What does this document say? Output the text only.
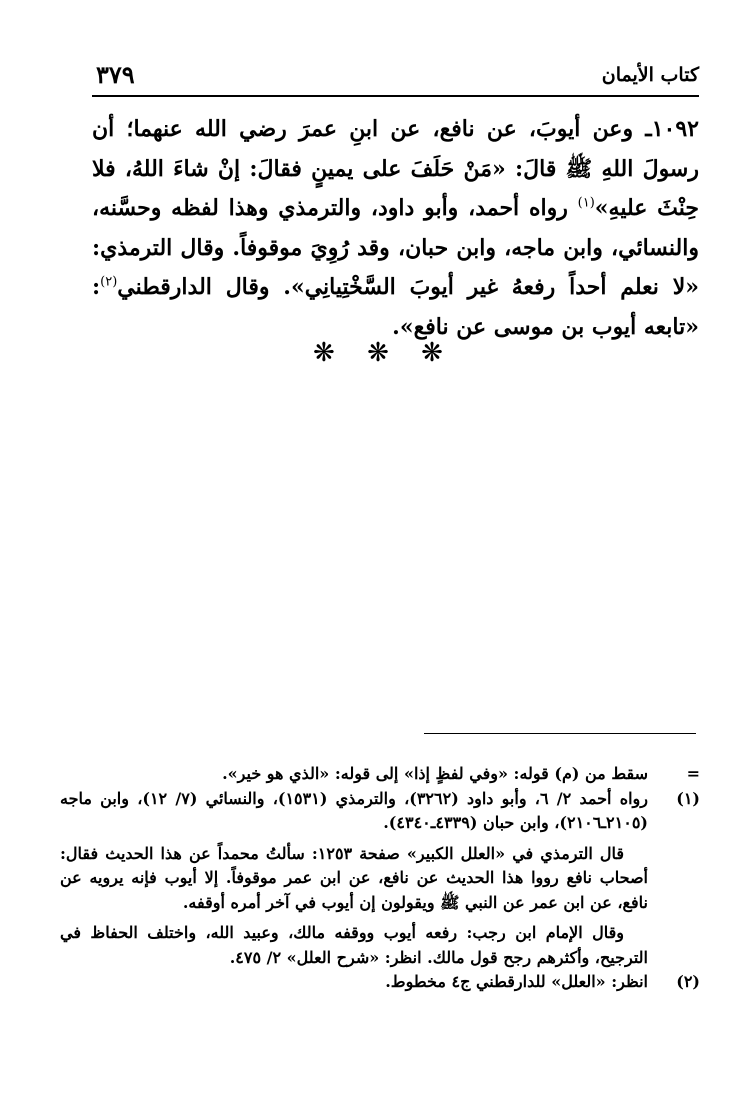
كتاب الأيمان
٣٧٩
١٠٩٢ـ وعن أيوبَ، عن نافع، عن ابنِ عمرَ رضي الله عنهما؛ أن رسولَ اللهِ ﷺ قالَ: «مَنْ حَلَفَ على يمينٍ فقالَ: إنْ شاءَ اللهُ، فلا حِنْثَ عليهِ»$^{(١)}$ رواه أحمد، وأبو داود، والترمذي وهذا لفظه وحسَّنه، والنسائي، وابن ماجه، وابن حبان، وقد رُوِيَ موقوفاً. وقال الترمذي: «لا نعلم أحداً رفعهُ غير أيوبَ السَّخْتِيانِي». وقال الدارقطني$^{(٢)}$: «تابعه أيوب بن موسى عن نافع».
❋ ❋ ❋
=
سقط من (م) قوله: «وفي لفظٍ إذا» إلى قوله: «الذي هو خير».
(١)
رواه أحمد ٢/ ٦، وأبو داود (٣٢٦٢)، والترمذي (١٥٣١)، والنسائي (٧/ ١٢)، وابن ماجه (٢١٠٥ـ٢١٠٦)، وابن حبان (٤٣٣٩ـ٤٣٤٠).
قال الترمذي في «العلل الكبير» صفحة ١٢٥٣: سألتُ محمداً عن هذا الحديث فقال: أصحاب نافع رووا هذا الحديث عن نافع، عن ابن عمر موقوفاً. إلا أيوب فإنه يرويه عن نافع، عن ابن عمر عن النبي ﷺ ويقولون إن أيوب في آخر أمره أوقفه.
وقال الإمام ابن رجب: رفعه أيوب ووقفه مالك، وعبيد الله، واختلف الحفاظ في الترجيح، وأكثرهم رجح قول مالك. انظر: «شرح العلل» ٢/ ٤٧٥.
(٢)
انظر: «العلل» للدارقطني ج٤ مخطوط.
